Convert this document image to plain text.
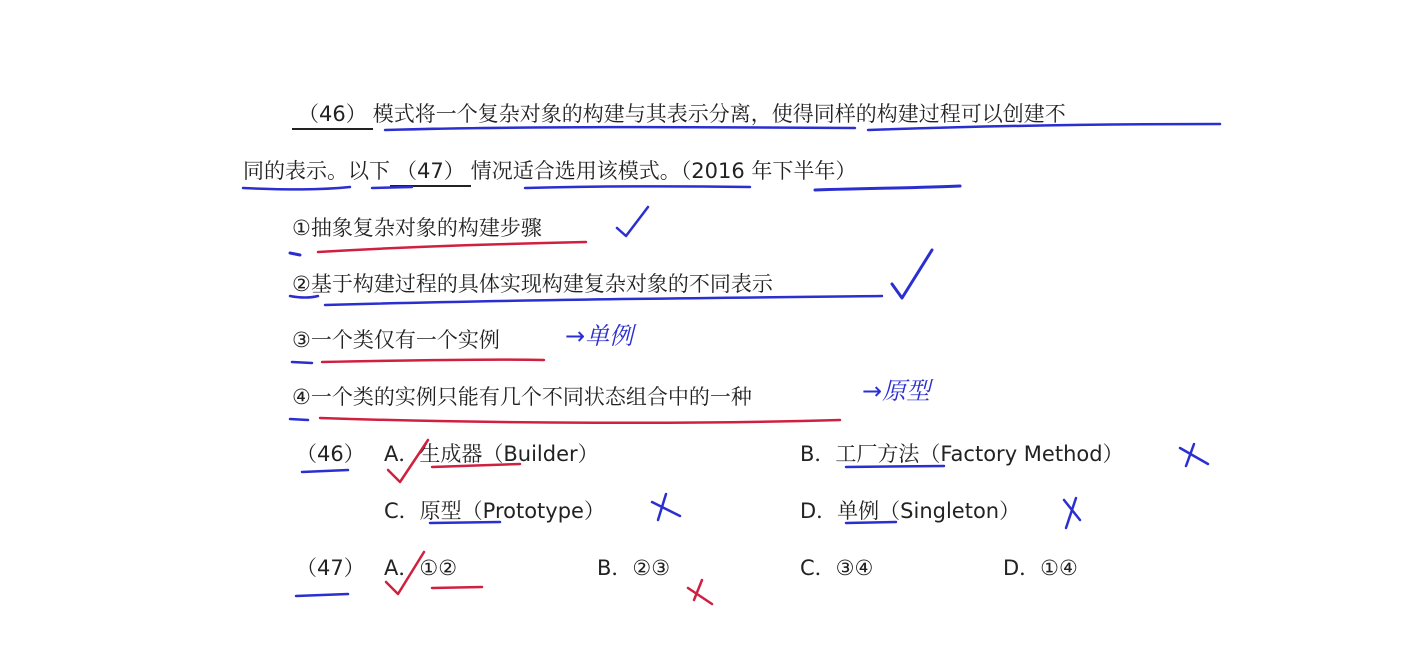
（46） 模式将一个复杂对象的构建与其表示分离，使得同样的构建过程可以创建不
同的表示。以下 （47） 情况适合选用该模式。（2016 年下半年）
①抽象复杂对象的构建步骤
②基于构建过程的具体实现构建复杂对象的不同表示
③一个类仅有一个实例
④一个类的实例只能有几个不同状态组合中的一种
（46） A．生成器（Builder）	B．工厂方法（Factory Method）
C．原型（Prototype）	D．单例（Singleton）
（47） A．①②	B．②③	C．③④	D．①④
→单例
→原型
